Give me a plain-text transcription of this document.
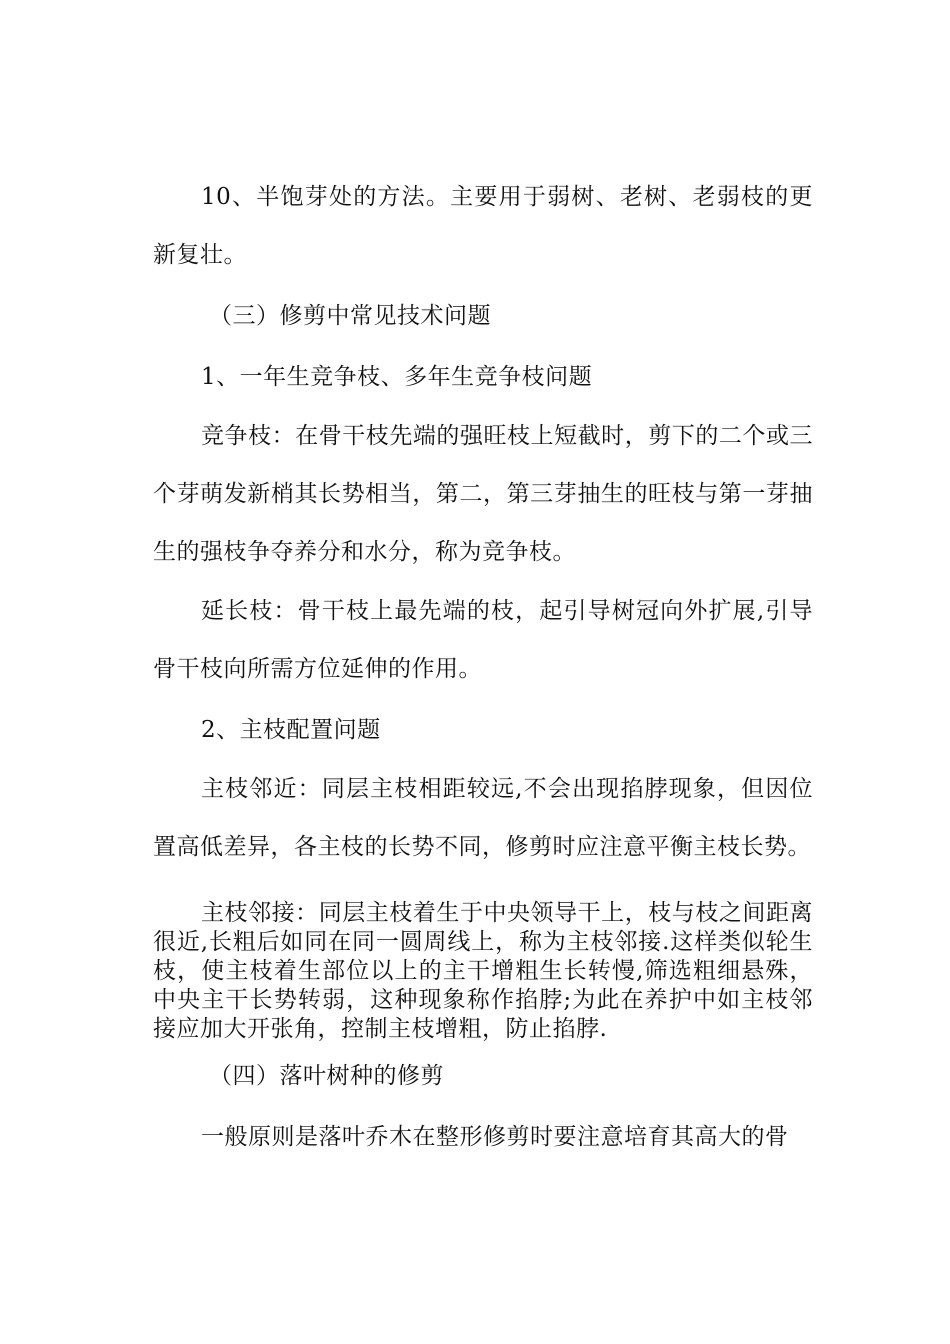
10、半饱芽处的方法。主要用于弱树、老树、老弱枝的更新复壮。

（三）修剪中常见技术问题

1、一年生竞争枝、多年生竞争枝问题

竞争枝：在骨干枝先端的强旺枝上短截时，剪下的二个或三个芽萌发新梢其长势相当，第二，第三芽抽生的旺枝与第一芽抽生的强枝争夺养分和水分，称为竞争枝。

延长枝：骨干枝上最先端的枝，起引导树冠向外扩展,引导骨干枝向所需方位延伸的作用。

2、主枝配置问题

主枝邻近：同层主枝相距较远,不会出现掐脖现象，但因位置高低差异，各主枝的长势不同，修剪时应注意平衡主枝长势。

主枝邻接：同层主枝着生于中央领导干上，枝与枝之间距离很近,长粗后如同在同一圆周线上，称为主枝邻接.这样类似轮生枝，使主枝着生部位以上的主干增粗生长转慢,筛选粗细悬殊，中央主干长势转弱，这种现象称作掐脖;为此在养护中如主枝邻接应加大开张角，控制主枝增粗，防止掐脖.

（四）落叶树种的修剪

一般原则是落叶乔木在整形修剪时要注意培育其高大的骨
